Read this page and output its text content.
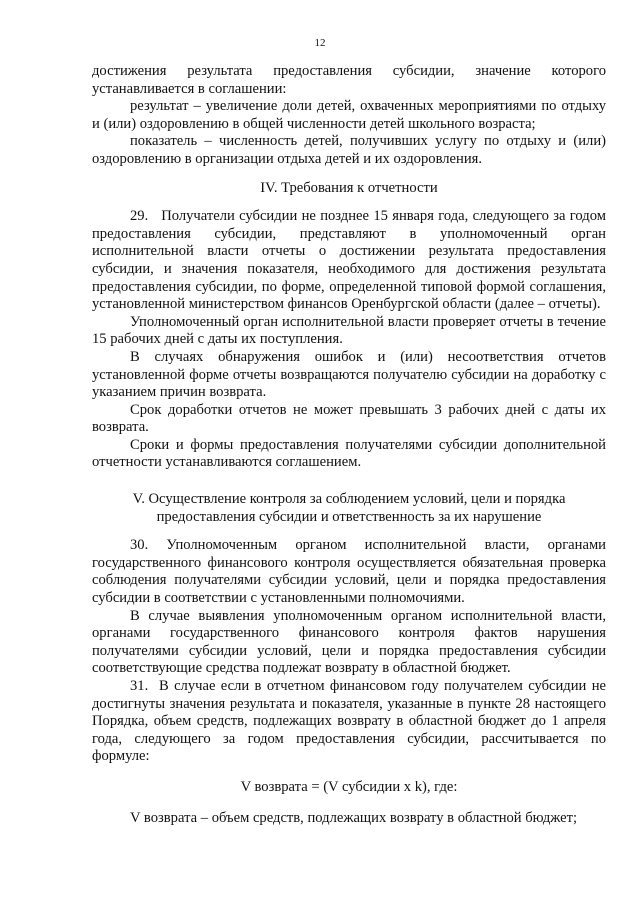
12

достижения результата предоставления субсидии, значение которого устанавливается в соглашении:

результат – увеличение доли детей, охваченных мероприятиями по отдыху и (или) оздоровлению в общей численности детей школьного возраста;

показатель – численность детей, получивших услугу по отдыху и (или) оздоровлению в организации отдыха детей и их оздоровления.

IV. Требования к отчетности

29.   Получатели субсидии не позднее 15 января года, следующего за годом предоставления субсидии, представляют в уполномоченный орган исполнительной власти отчеты о достижении результата предоставления субсидии, и значения показателя, необходимого для достижения результата предоставления субсидии, по форме, определенной типовой формой соглашения, установленной министерством финансов Оренбургской области (далее – отчеты).

Уполномоченный орган исполнительной власти проверяет отчеты в течение 15 рабочих дней с даты их поступления.

В случаях обнаружения ошибок и (или) несоответствия отчетов установленной форме отчеты возвращаются получателю субсидии на доработку с указанием причин возврата.

Срок доработки отчетов не может превышать 3 рабочих дней с даты их возврата.

Сроки и формы предоставления получателями субсидии дополнительной отчетности устанавливаются соглашением.

V. Осуществление контроля за соблюдением условий, цели и порядка
предоставления субсидии и ответственность за их нарушение

30. Уполномоченным органом исполнительной власти, органами государственного финансового контроля осуществляется обязательная проверка соблюдения получателями субсидии условий, цели и порядка предоставления субсидии в соответствии с установленными полномочиями.

В случае выявления уполномоченным органом исполнительной власти, органами государственного финансового контроля фактов нарушения получателями субсидии условий, цели и порядка предоставления субсидии соответствующие средства подлежат возврату в областной бюджет.

31.  В случае если в отчетном финансовом году получателем субсидии не достигнуты значения результата и показателя, указанные в пункте 28 настоящего Порядка, объем средств, подлежащих возврату в областной бюджет до 1 апреля года, следующего за годом предоставления субсидии, рассчитывается по формуле:

V возврата = (V субсидии x k), где:

V возврата – объем средств, подлежащих возврату в областной бюджет;
